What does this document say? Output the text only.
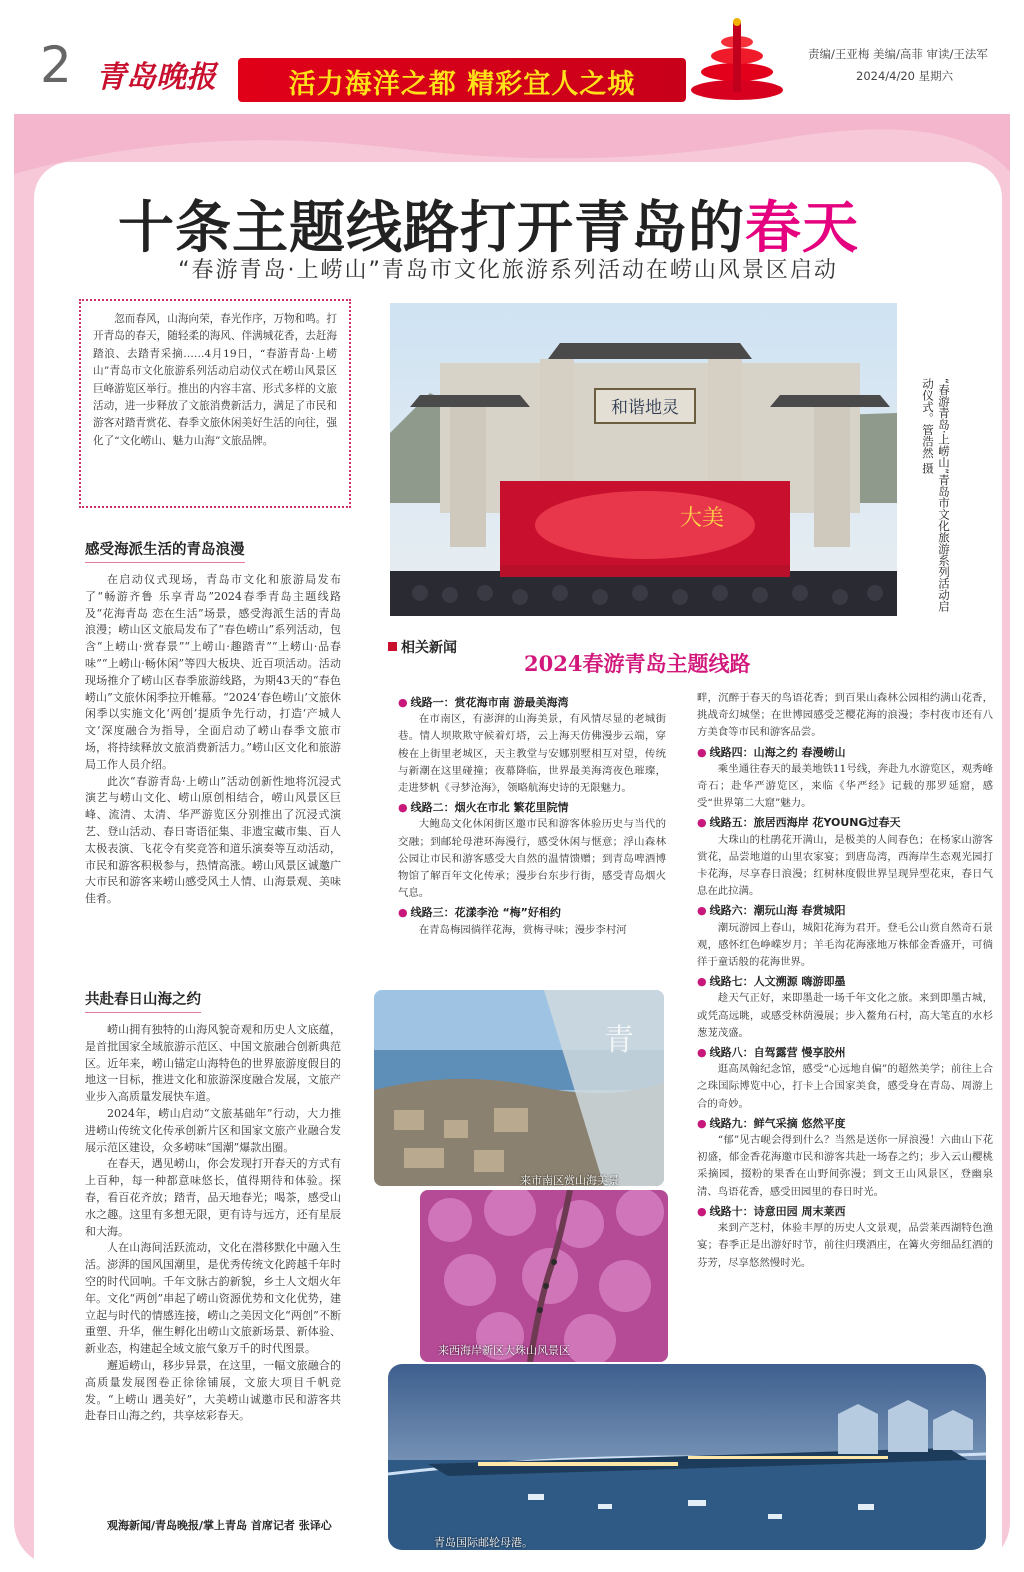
2 青岛晚报	活力海洋之都 精彩宜人之城
责编/王亚梅 美编/高菲 审读/王法军
2024/4/20 星期六
十条主题线路打开青岛的春天
“春游青岛·上崂山”青岛市文化旅游系列活动在崂山风景区启动
忽而春风，山海向荣，春光作序，万物和鸣。打开青岛的春天，随轻柔的海风、伴满城花香，去赶海踏浪、去踏青采摘……4月19日，“春游青岛·上崂山”青岛市文化旅游系列活动启动仪式在崂山风景区巨峰游览区举行。推出的内容丰富、形式多样的文旅活动，进一步释放了文旅消费新活力，满足了市民和游客对踏青赏花、春季文旅休闲美好生活的向往，强化了“文化崂山、魅力山海”文旅品牌。
感受海派生活的青岛浪漫

在启动仪式现场，青岛市文化和旅游局发布了“畅游齐鲁 乐享青岛”2024春季青岛主题线路及“花海青岛 恋在生活”场景，感受海派生活的青岛浪漫；崂山区文旅局发布了“春色崂山”系列活动，包含“上崂山·赏春景”“上崂山·趣踏青”“上崂山·品春味”“上崂山·畅休闲”等四大板块、近百项活动。活动现场推介了崂山区春季旅游线路，为期43天的“春色崂山”文旅休闲季拉开帷幕。“2024‘春色崂山’文旅休闲季以实施文化‘两创’提质争先行动，打造‘产城人文’深度融合为指导，全面启动了崂山春季文旅市场，将持续释放文旅消费新活力。”崂山区文化和旅游局工作人员介绍。

此次“春游青岛·上崂山”活动创新性地将沉浸式演艺与崂山文化、崂山原创相结合，崂山风景区巨峰、流清、太清、华严游览区分别推出了沉浸式演艺、登山活动、春日寄语征集、非遗宝藏市集、百人太极表演、飞花令有奖竞答和道乐演奏等互动活动，市民和游客积极参与，热情高涨。崂山风景区诚邀广大市民和游客来崂山感受风土人情、山海景观、美味佳肴。

共赴春日山海之约

崂山拥有独特的山海风貌奇观和历史人文底蕴，是首批国家全域旅游示范区、中国文旅融合创新典范区。近年来，崂山锚定山海特色的世界旅游度假目的地这一目标，推进文化和旅游深度融合发展，文旅产业步入高质量发展快车道。

2024年，崂山启动“文旅基础年”行动，大力推进崂山传统文化传承创新片区和国家文旅产业融合发展示范区建设，众多崂味“国潮”爆款出圈。

在春天，遇见崂山，你会发现打开春天的方式有上百种，每一种都意味悠长，值得期待和体验。探春，看百花齐放；踏青，品天地春光；喝茶，感受山水之趣。这里有多想无限，更有诗与远方，还有星辰和大海。

人在山海间活跃流动，文化在潜移默化中融入生活。澎湃的国风国潮里，是优秀传统文化跨越千年时空的时代回响。千年文脉古韵新貌，乡土人文烟火年年。文化“两创”串起了崂山资源优势和文化优势，建立起与时代的情感连接，崂山之美因文化“两创”不断重塑、升华，催生孵化出崂山文旅新场景、新体验、新业态，构建起全域文旅气象万千的时代图景。

邂逅崂山，移步异景，在这里，一幅文旅融合的高质量发展图卷正徐徐铺展，文旅大项目千帆竞发。“上崂山 遇美好”，大美崂山诚邀市民和游客共赴春日山海之约，共享炫彩春天。

观海新闻/青岛晚报/掌上青岛 首席记者 张译心
和谐地灵
大美	“春游青岛·上崂山”青岛市文化旅游系列活动启动仪式。管浩然 摄
相关新闻
2024春游青岛主题线路
● 线路一：赏花海市南 游最美海湾
在市南区，有澎湃的山海美景，有风情尽显的老城街巷。情人坝欺欺守候着灯塔，云上海天仿佛漫步云端，穿梭在上街里老城区，天主教堂与安娜别墅相互对望，传统与新潮在这里碰撞；夜幕降临，世界最美海湾夜色璀璨，走进梦帆《寻梦沧海》，领略航海史诗的无限魅力。
● 线路二：烟火在市北 繁花里院情
大鲍岛文化休闲街区邀市民和游客体验历史与当代的交融；到邮轮母港环海漫行，感受休闲与惬意；浮山森林公园让市民和游客感受大自然的温情馈赠；到青岛啤酒博物馆了解百年文化传承；漫步台东步行街，感受青岛烟火气息。
● 线路三：花漾李沧 “梅”好相约
在青岛梅园徜徉花海，赏梅寻味；漫步李村河
畔，沉醉于春天的鸟语花香；到百果山森林公园相约满山花香，挑战奇幻城堡；在世博园感受芝樱花海的浪漫；李村夜市还有八方美食等市民和游客品尝。
● 线路四：山海之约 春漫崂山
乘坐通往春天的最美地铁11号线，奔赴九水游览区，观秀峰奇石；赴华严游览区，来临《华严经》记载的那罗延窟，感受“世界第二大窟”魅力。
● 线路五：旅居西海岸 花YOUNG过春天
大珠山的杜鹃花开满山，是极美的人间春色；在杨家山游客赏花，品尝地道的山里农家宴；到唐岛湾，西海岸生态观光园打卡花海，尽享春日浪漫；红树林度假世界呈现异型花束，春日气息在此拉满。
● 线路六：潮玩山海 春赏城阳
潮玩游园上春山，城阳花海为君开。登毛公山赏自然奇石景观，感怀红色峥嵘岁月；羊毛沟花海涨地万株郁金香盛开，可徜徉于童话般的花海世界。
● 线路七：人文溯源 嗨游即墨
趁天气正好，来即墨赴一场千年文化之旅。来到即墨古城，或凭高远眺，或感受林荫漫展；步入鳌角石村，高大笔直的水杉葱茏茂盛。
● 线路八：自驾露营 慢享胶州
逛高凤翰纪念馆，感受“心远地自偏”的超然美学；前往上合之珠国际博览中心，打卡上合国家美食，感受身在青岛、周游上合的奇妙。
● 线路九：鲜气采摘 悠然平度
“郁”见古岘会得到什么？当然是送你一屏浪漫！六曲山下花初盛，郁金香花海邀市民和游客共赴一场春之约；步入云山樱桃采摘园，掇粉的果香在山野间弥漫；到文王山风景区，登幽泉清、鸟语花香，感受田园里的春日时光。
● 线路十：诗意田园 周末莱西
来到产芝村，体验丰厚的历史人文景观，品尝莱西湖特色渔宴；春季正是出游好时节，前往归璞酒庄，在篝火旁细品红酒的芬芳，尽享悠然慢时光。
青
来市南区赏山海美景
来西海岸新区大珠山风景区
青岛国际邮轮母港。
